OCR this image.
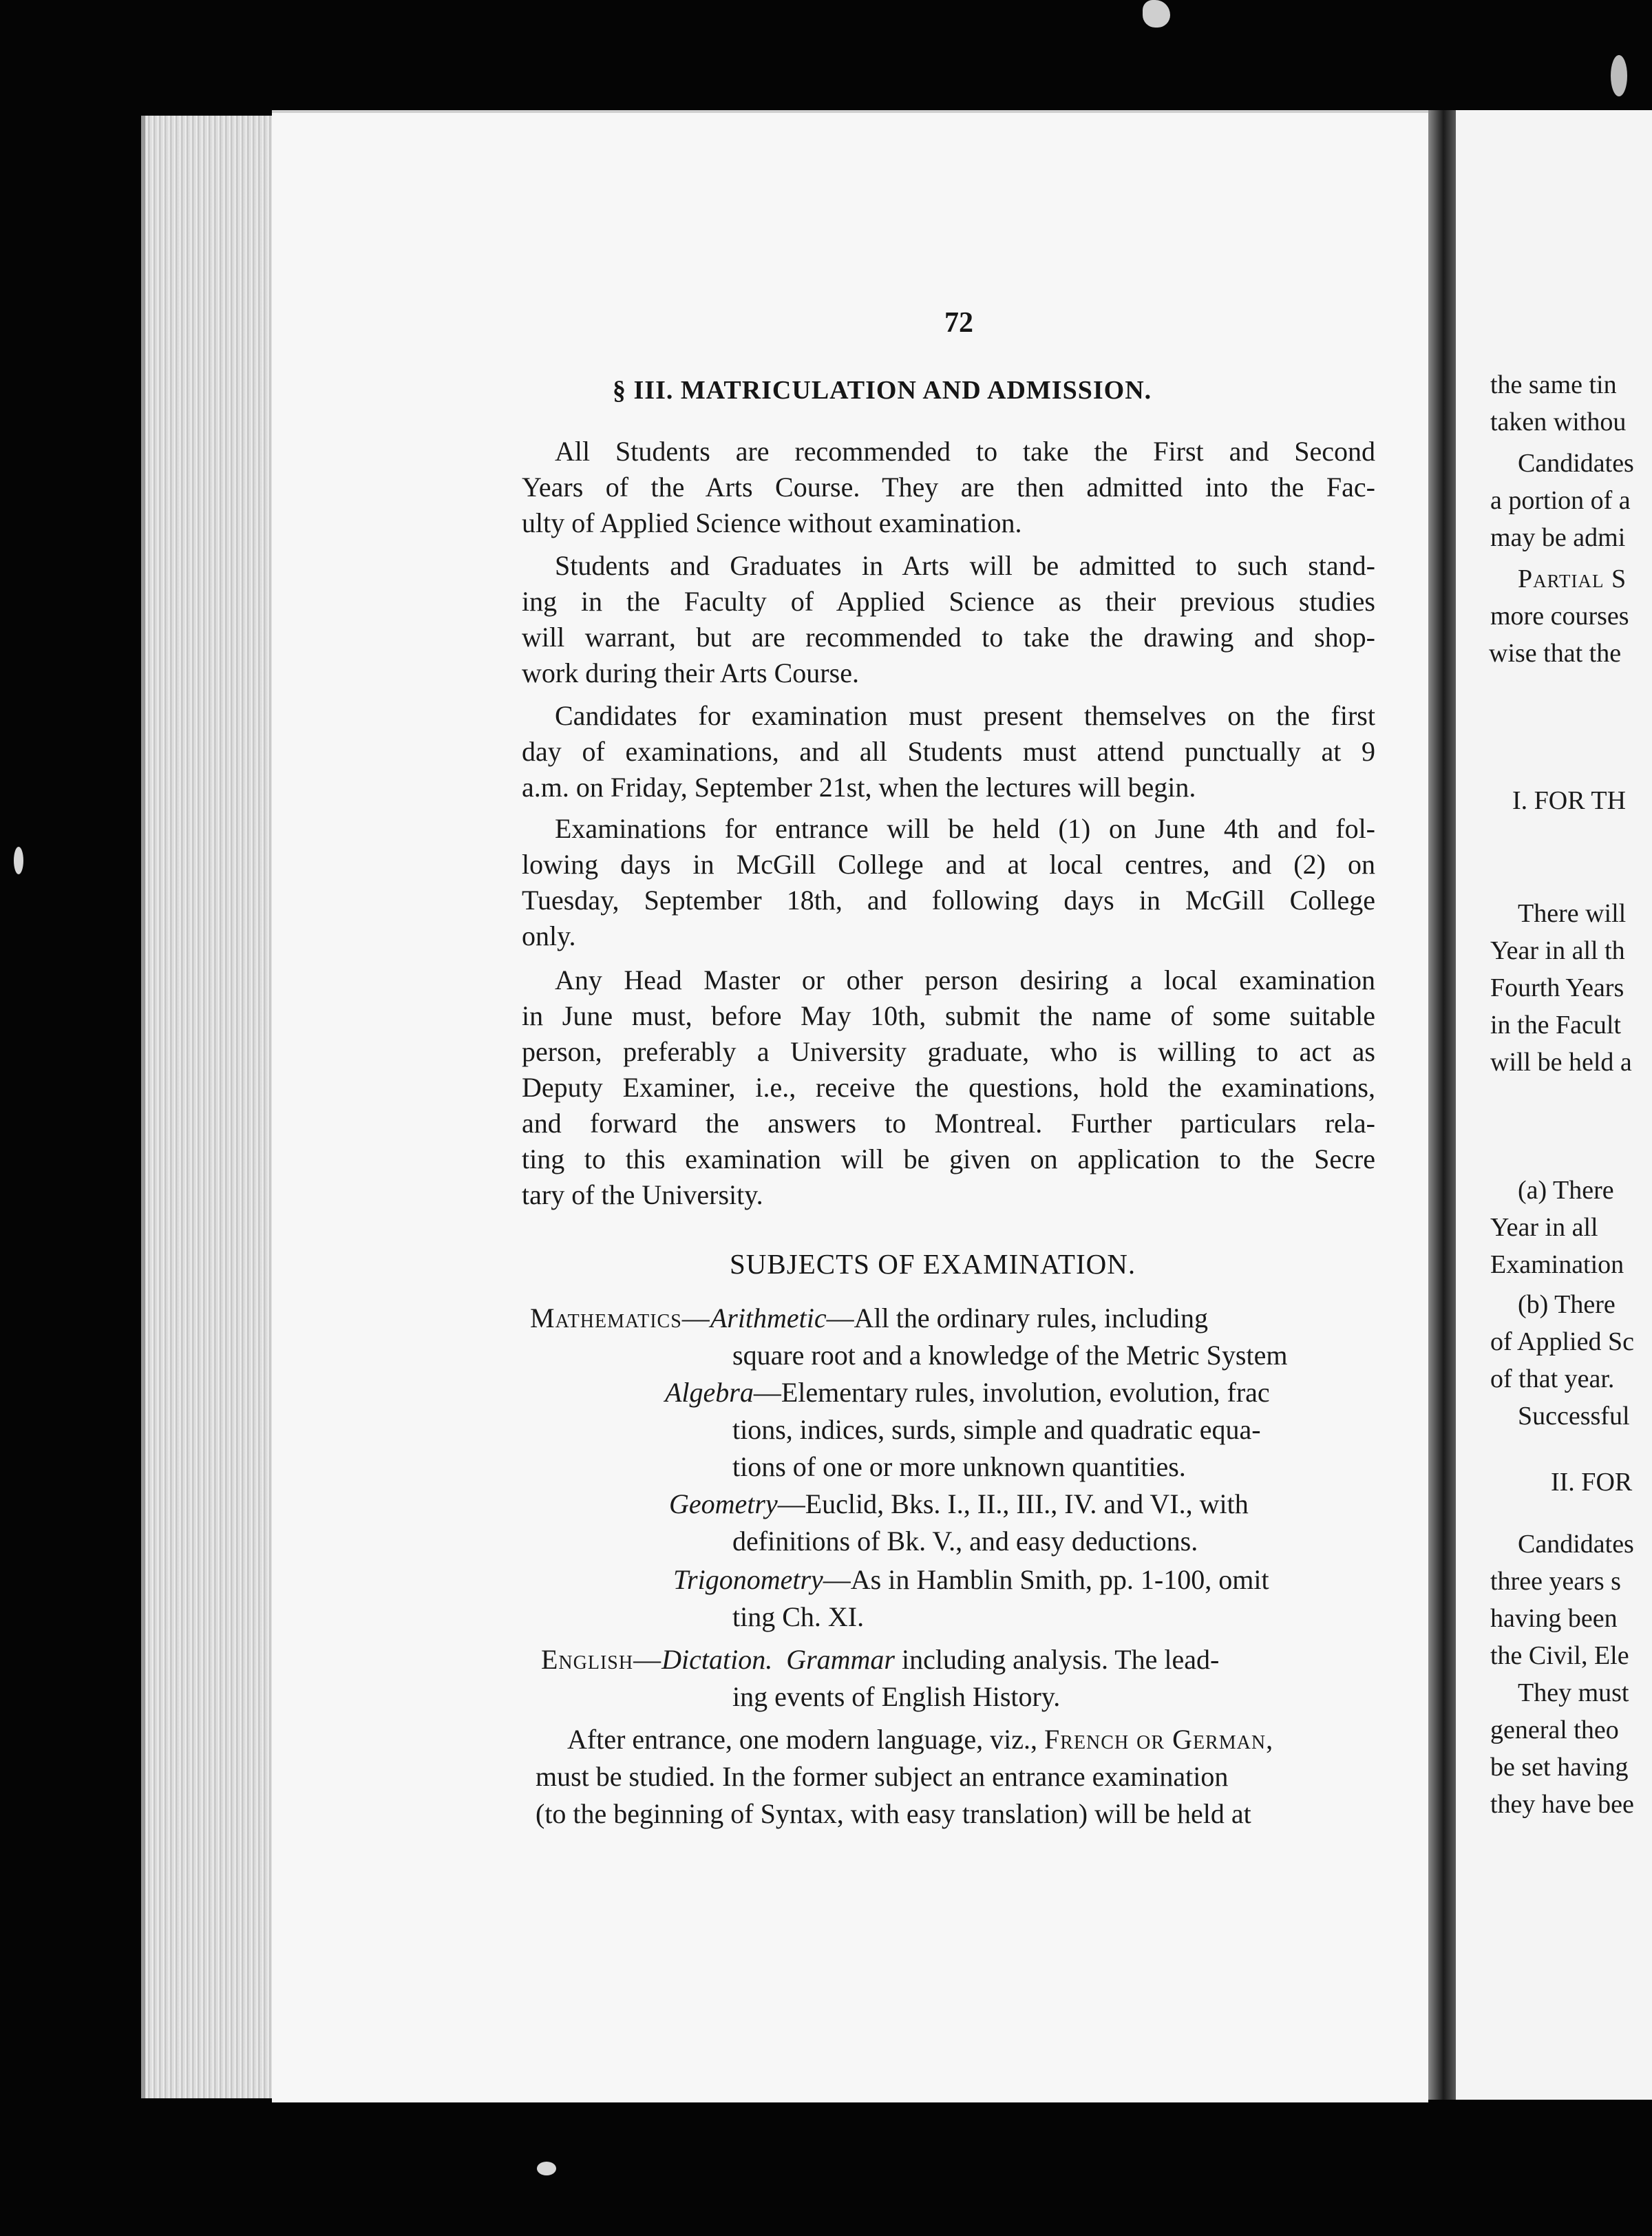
72
§ III. MATRICULATION AND ADMISSION.
All Students are recommended to take the First and Second
Years of the Arts Course. They are then admitted into the Fac-
ulty of Applied Science without examination.
Students and Graduates in Arts will be admitted to such stand-
ing in the Faculty of Applied Science as their previous studies
will warrant, but are recommended to take the drawing and shop-
work during their Arts Course.
Candidates for examination must present themselves on the first
day of examinations, and all Students must attend punctually at 9
a.m. on Friday, September 21st, when the lectures will begin.
Examinations for entrance will be held (1) on June 4th and fol-
lowing days in McGill College and at local centres, and (2) on
Tuesday, September 18th, and following days in McGill College
only.
Any Head Master or other person desiring a local examination
in June must, before May 10th, submit the name of some suitable
person, preferably a University graduate, who is willing to act as
Deputy Examiner, i.e., receive the questions, hold the examinations,
and forward the answers to Montreal. Further particulars rela-
ting to this examination will be given on application to the Secre
tary of the University.
SUBJECTS OF EXAMINATION.
Mathematics—Arithmetic—All the ordinary rules, including
square root and a knowledge of the Metric System
Algebra—Elementary rules, involution, evolution, frac
tions, indices, surds, simple and quadratic equa-
tions of one or more unknown quantities.
Geometry—Euclid, Bks. I., II., III., IV. and VI., with
definitions of Bk. V., and easy deductions.
Trigonometry—As in Hamblin Smith, pp. 1-100, omit
ting Ch. XI.
English—Dictation. Grammar including analysis. The lead-
ing events of English History.
After entrance, one modern language, viz., French or German,
must be studied. In the former subject an entrance examination
(to the beginning of Syntax, with easy translation) will be held at
the same tin
taken withou
Candidates
a portion of a
may be admi
Partial S
more courses
wise that the
I. FOR TH
There will
Year in all th
Fourth Years
in the Facult
will be held a
(a) There
Year in all
Examination
(b) There
of Applied Sc
of that year.
Successful
II. FOR
Candidates
three years s
having been
the Civil, Ele
They must
general theo
be set having
they have bee
